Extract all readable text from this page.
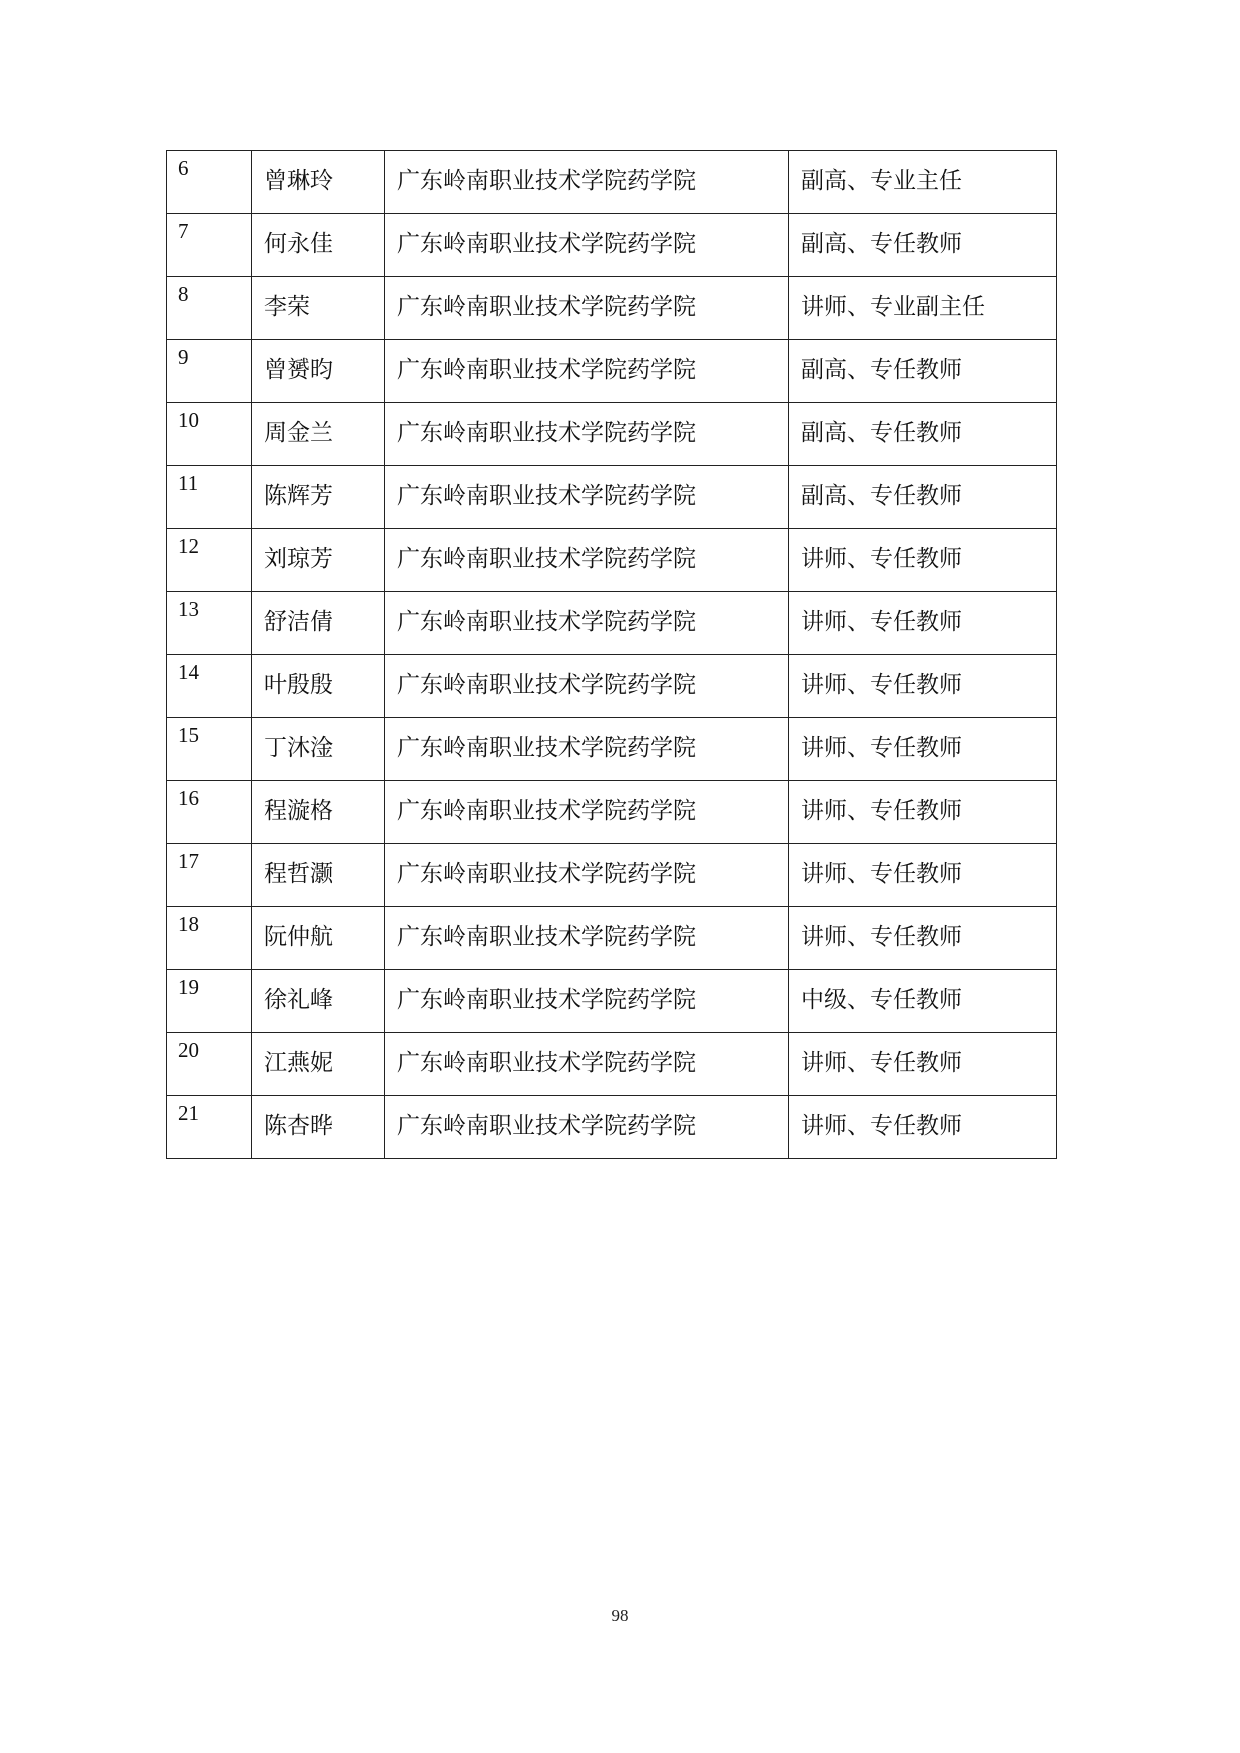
6	曾琳玲	广东岭南职业技术学院药学院	副高、专业主任

7	何永佳	广东岭南职业技术学院药学院	副高、专任教师

8	李荣	广东岭南职业技术学院药学院	讲师、专业副主任

9	曾赟昀	广东岭南职业技术学院药学院	副高、专任教师

10	周金兰	广东岭南职业技术学院药学院	副高、专任教师

11	陈辉芳	广东岭南职业技术学院药学院	副高、专任教师

12	刘琼芳	广东岭南职业技术学院药学院	讲师、专任教师

13	舒洁倩	广东岭南职业技术学院药学院	讲师、专任教师

14	叶殷殷	广东岭南职业技术学院药学院	讲师、专任教师

15	丁沐淦	广东岭南职业技术学院药学院	讲师、专任教师

16	程漩格	广东岭南职业技术学院药学院	讲师、专任教师

17	程哲灏	广东岭南职业技术学院药学院	讲师、专任教师

18	阮仲航	广东岭南职业技术学院药学院	讲师、专任教师

19	徐礼峰	广东岭南职业技术学院药学院	中级、专任教师

20	江燕妮	广东岭南职业技术学院药学院	讲师、专任教师

21	陈杏晔	广东岭南职业技术学院药学院	讲师、专任教师
98
